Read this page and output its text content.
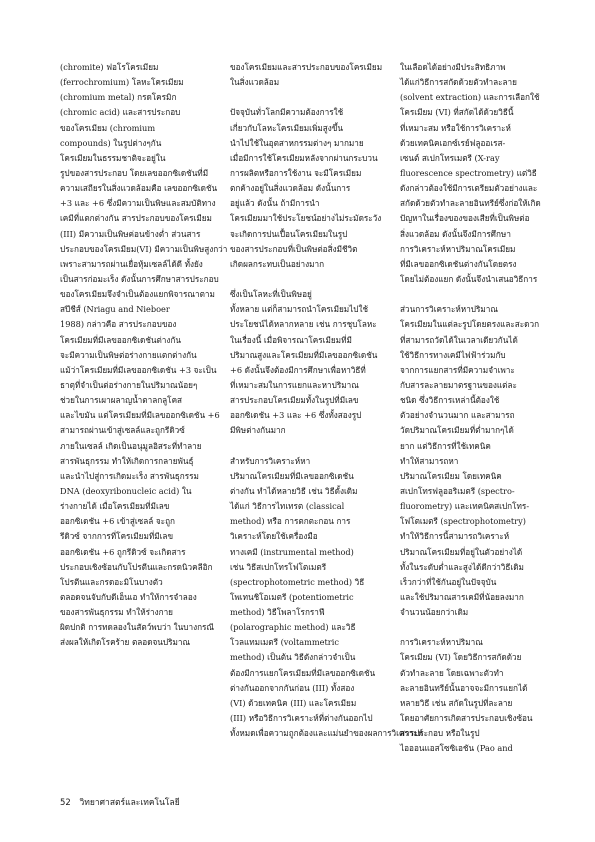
(chromite) ฟอโรโครเมียม
(ferrochromium) โลหะโครเมียม
(chromium metal) กรดโครมิก
(chromic acid) และสารประกอบ
ของโครเมียม (chromium
compounds) ในรูปต่างๆกัน
โครเมียมในธรรมชาติจะอยู่ใน
รูปของสารประกอบ โดยเลขออกซิเดชันที่มี
ความเสถียรในสิ่งแวดล้อมคือ เลขออกซิเดชัน
+3 และ +6 ซึ่งมีความเป็นพิษและสมบัติทาง
เคมีที่แตกต่างกัน สารประกอบของโครเมียม
(III) มีความเป็นพิษค่อนข้างต่ำ ส่วนสาร
ประกอบของโครเมียม(VI) มีความเป็นพิษสูงกว่า
เพราะสามารถผ่านเยื่อหุ้มเซลล์ได้ดี ทั้งยัง
เป็นสารก่อมะเร็ง ดังนั้นการศึกษาสารประกอบ
ของโครเมียมจึงจำเป็นต้องแยกพิจารณาตาม
สปีชีส์ (Nriagu and Nieboer
1988) กล่าวคือ สารประกอบของ
โครเมียมที่มีเลขออกซิเดชันต่างกัน
จะมีความเป็นพิษต่อร่างกายแตกต่างกัน
แม้ว่าโครเมียมที่มีเลขออกซิเดชัน +3 จะเป็น
ธาตุที่จำเป็นต่อร่างกายในปริมาณน้อยๆ
ช่วยในการเผาผลาญน้ำตาลกลูโคส
และไขมัน แต่โครเมียมที่มีเลขออกซิเดชัน +6
สามารถผ่านเข้าสู่เซลล์และถูกรีดิวซ์
ภายในเซลล์ เกิดเป็นอนุมูลอิสระที่ทำลาย
สารพันธุกรรม ทำให้เกิดการกลายพันธุ์
และนำไปสู่การเกิดมะเร็ง สารพันธุกรรม
DNA (deoxyribonucleic acid) ใน
ร่างกายได้ เมื่อโครเมียมที่มีเลข
ออกซิเดชัน +6 เข้าสู่เซลล์ จะถูก
รีดิวซ์ จากการที่โครเมียมที่มีเลข
ออกซิเดชัน +6 ถูกรีดิวซ์ จะเกิดสาร
ประกอบเชิงซ้อนกับโปรตีนและกรดนิวคลีอิก
โปรตีนและกรดอะมิโนบางตัว
ตลอดจนจับกับดีเอ็นเอ ทำให้การจำลอง
ของสารพันธุกรรม ทำให้ร่างกาย
ผิดปกติ การทดลองในสัตว์พบว่า ในบางกรณี
ส่งผลให้เกิดโรคร้าย ตลอดจนปริมาณ
ของโครเมียมและสารประกอบของโครเมียม
ในสิ่งแวดล้อม
ปัจจุบันทั่วโลกมีความต้องการใช้
เกี่ยวกับโลหะโครเมียมเพิ่มสูงขึ้น
นำไปใช้ในอุตสาหกรรมต่างๆ มากมาย
เมื่อมีการใช้โครเมียมหลังจากผ่านกระบวน
การผลิตหรือการใช้งาน จะมีโครเมียม
ตกค้างอยู่ในสิ่งแวดล้อม ดังนั้นการ
อยู่แล้ว ดังนั้น ถ้ามีการนำ
โครเมียมมาใช้ประโยชน์อย่างไม่ระมัดระวัง
จะเกิดการปนเปื้อนโครเมียมในรูป
ของสารประกอบที่เป็นพิษต่อสิ่งมีชีวิต
เกิดผลกระทบเป็นอย่างมาก
ซึ่งเป็นโลหะที่เป็นพิษอยู่
ทั้งหลาย แต่ก็สามารถนำโครเมียมไปใช้
ประโยชน์ได้หลากหลาย เช่น การชุบโลหะ
ในเรื่องนี้ เมื่อพิจารณาโครเมียมที่มี
ปริมาณสูงและโครเมียมที่มีเลขออกซิเดชัน
+6 ดังนั้นจึงต้องมีการศึกษาเพื่อหาวิธีที่
ที่เหมาะสมในการแยกและหาปริมาณ
สารประกอบโครเมียมทั้งในรูปที่มีเลข
ออกซิเดชัน +3 และ +6 ซึ่งทั้งสองรูป
มีพิษต่างกันมาก
สำหรับการวิเคราะห์หา
ปริมาณโครเมียมที่มีเลขออกซิเดชัน
ต่างกัน ทำได้หลายวิธี เช่น วิธีดั้งเดิม
ได้แก่ วิธีการไทเทรต (classical
method) หรือ การตกตะกอน การ
วิเคราะห์โดยใช้เครื่องมือ
ทางเคมี (instrumental method)
เช่น วิธีสเปกโทรโฟโตเมตรี
(spectrophotometric method) วิธี
โพเทนชิโอเมตรี (potentiometric
method) วิธีโพลาโรกราฟี
(polarographic method) และวิธี
โวลแทมเมตรี (voltammetric
method) เป็นต้น วิธีดังกล่าวจำเป็น
ต้องมีการแยกโครเมียมที่มีเลขออกซิเดชัน
ต่างกันออกจากกันก่อน (III) ทั้งสอง
(VI) ด้วยเทคนิค (III) และโครเมียม
(III) หรือวิธีการวิเคราะห์ที่ต่างกันออกไป
ทั้งหมดเพื่อความถูกต้องและแม่นยำของผลการวิเคราะห์
ในเลือดได้อย่างมีประสิทธิภาพ
ได้แก่วิธีการสกัดด้วยตัวทำละลาย
(solvent extraction) และการเลือกใช้
โครเมียม (VI) ที่สกัดได้ด้วยวิธีนี้
ที่เหมาะสม หรือใช้การวิเคราะห์
ด้วยเทคนิคเอกซ์เรย์ฟลูออเรส-
เซนต์ สเปกโทรเมตรี (X-ray
fluorescence spectrometry) แต่วิธี
ดังกล่าวต้องใช้มีการเตรียมตัวอย่างและ
สกัดด้วยตัวทำละลายอินทรีย์ซึ่งก่อให้เกิด
ปัญหาในเรื่องของของเสียที่เป็นพิษต่อ
สิ่งแวดล้อม ดังนั้นจึงมีการศึกษา
การวิเคราะห์หาปริมาณโครเมียม
ที่มีเลขออกซิเดชันต่างกันโดยตรง
โดยไม่ต้องแยก ดังนั้นจึงนำเสนอวิธีการ
ส่วนการวิเคราะห์หาปริมาณ
โครเมียมในแต่ละรูปโดยตรงและสะดวก
ที่สามารถวัดได้ในเวลาเดียวกันได้
ใช้วิธีการทางเคมีไฟฟ้าร่วมกับ
จากการแยกสารที่มีความจำเพาะ
กับสารละลายมาตรฐานของแต่ละ
ชนิด ซึ่งวิธีการเหล่านี้ต้องใช้
ตัวอย่างจำนวนมาก และสามารถ
วัดปริมาณโครเมียมที่ต่ำมากๆได้
ยาก แต่วิธีการที่ใช้เทคนิค
ทำให้สามารถหา
ปริมาณโครเมียม โดยเทคนิค
สเปกโทรฟลูออริเมตรี (spectro-
fluorometry) และเทคนิคสเปกโทร-
โฟโตเมตรี (spectrophotometry)
ทำให้วิธีการนี้สามารถวิเคราะห์
ปริมาณโครเมียมที่อยู่ในตัวอย่างได้
ทั้งในระดับต่ำและสูงได้ดีกว่าวิธีเดิม
เร็วกว่าที่ใช้กันอยู่ในปัจจุบัน
และใช้ปริมาณสารเคมีที่น้อยลงมาก
จำนวนน้อยกว่าเดิม
การวิเคราะห์หาปริมาณ
โครเมียม (VI) โดยวิธีการสกัดด้วย
ตัวทำละลาย โดยเฉพาะตัวทำ
ละลายอินทรีย์นั้นอาจจะมีการแยกได้
หลายวิธี เช่น สกัดในรูปที่ละลาย
โดยอาศัยการเกิดสารประกอบเชิงซ้อน
สารประกอบ หรือในรูป
ไอออนแอสโซซิเอชัน (Pao and
52 วิทยาศาสตร์และเทคโนโลยี
